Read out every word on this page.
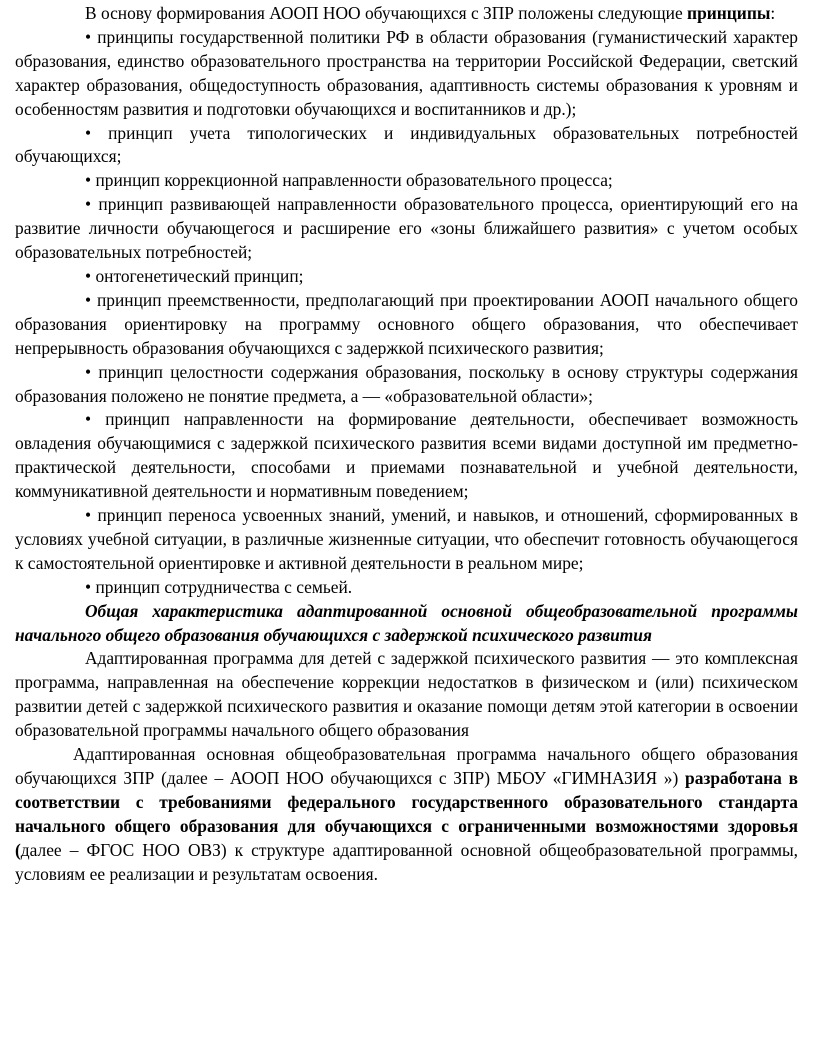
В основу формирования АООП НОО обучающихся с ЗПР положены следующие принципы:

• принципы государственной политики РФ в области образования (гуманистический характер образования, единство образовательного пространства на территории Российской Федерации, светский характер образования, общедоступность образования, адаптивность системы образования к уровням и особенностям развития и подготовки обучающихся и воспитанников и др.);

• принцип учета типологических и индивидуальных образовательных потребностей обучающихся;

• принцип коррекционной направленности образовательного процесса;

• принцип развивающей направленности образовательного процесса, ориентирующий его на развитие личности обучающегося и расширение его «зоны ближайшего развития» с учетом особых образовательных потребностей;

• онтогенетический принцип;

• принцип преемственности, предполагающий при проектировании АООП начального общего образования ориентировку на программу основного общего образования, что обеспечивает непрерывность образования обучающихся с задержкой психического развития;

• принцип целостности содержания образования, поскольку в основу структуры содержания образования положено не понятие предмета, а — «образовательной области»;

• принцип направленности на формирование деятельности, обеспечивает возможность овладения обучающимися с задержкой психического развития всеми видами доступной им предметно-практической деятельности, способами и приемами познавательной и учебной деятельности, коммуникативной деятельности и нормативным поведением;

• принцип переноса усвоенных знаний, умений, и навыков, и отношений, сформированных в условиях учебной ситуации, в различные жизненные ситуации, что обеспечит готовность обучающегося к самостоятельной ориентировке и активной деятельности в реальном мире;

• принцип сотрудничества с семьей.

Общая характеристика адаптированной основной общеобразовательной программы начального общего образования обучающихся с задержкой психического развития

Адаптированная программа для детей с задержкой психического развития — это комплексная программа, направленная на обеспечение коррекции недостатков в физическом и (или) психическом развитии детей с задержкой психического развития и оказание помощи детям этой категории в освоении образовательной программы начального общего образования

Адаптированная основная общеобразовательная программа начального общего образования обучающихся ЗПР (далее – АООП НОО обучающихся с ЗПР) МБОУ «ГИМНАЗИЯ ») разработана в соответствии с требованиями федерального государственного образовательного стандарта начального общего образования для обучающихся с ограниченными возможностями здоровья (далее – ФГОС НОО ОВЗ) к структуре адаптированной основной общеобразовательной программы, условиям ее реализации и результатам освоения.
